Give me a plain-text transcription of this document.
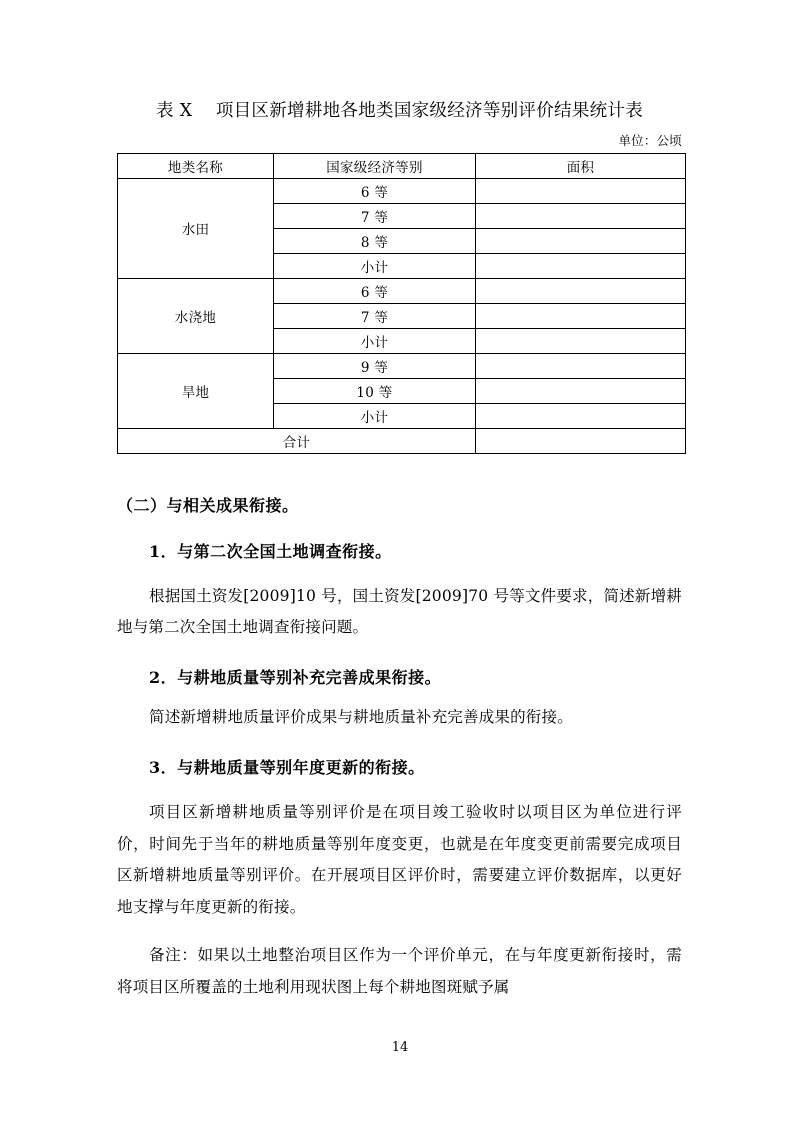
表 X 项目区新增耕地各地类国家级经济等别评价结果统计表
单位：公顷
地类名称	国家级经济等别	面积
水田	6 等	
	7 等	
	8 等	
	小计	
水浇地	6 等	
	7 等	
	小计	
旱地	9 等	
	10 等	
	小计	
合计		
（二）与相关成果衔接。
1．与第二次全国土地调查衔接。

根据国土资发[2009]10 号，国土资发[2009]70 号等文件要求，简述新增耕地与第二次全国土地调查衔接问题。

2．与耕地质量等别补充完善成果衔接。

简述新增耕地质量评价成果与耕地质量补充完善成果的衔接。

3．与耕地质量等别年度更新的衔接。

项目区新增耕地质量等别评价是在项目竣工验收时以项目区为单位进行评价，时间先于当年的耕地质量等别年度变更，也就是在年度变更前需要完成项目区新增耕地质量等别评价。在开展项目区评价时，需要建立评价数据库，以更好地支撑与年度更新的衔接。

备注：如果以土地整治项目区作为一个评价单元，在与年度更新衔接时，需将项目区所覆盖的土地利用现状图上每个耕地图斑赋予属

14
